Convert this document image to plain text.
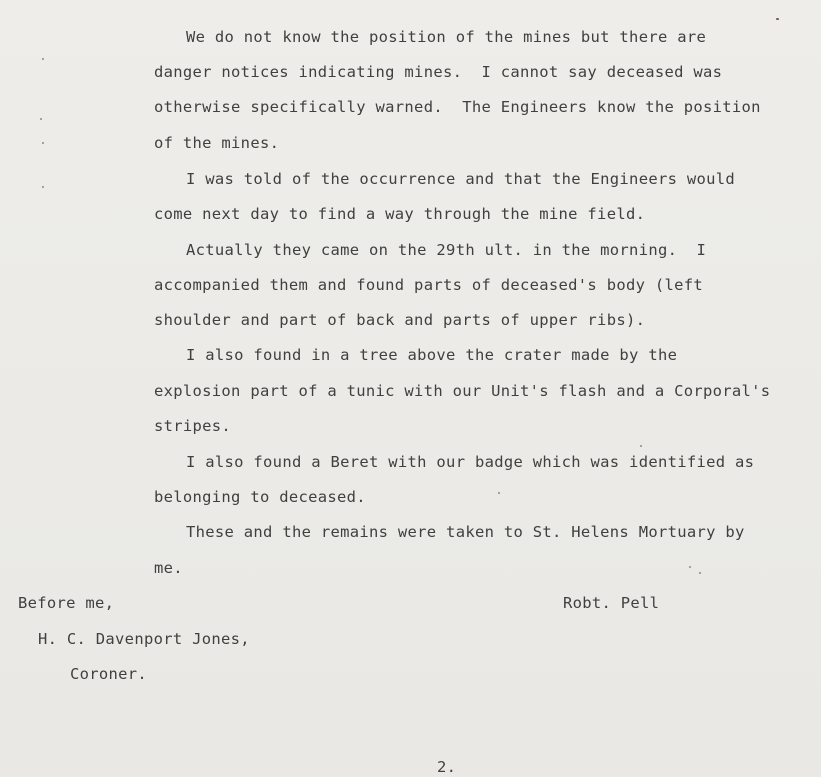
We do not know the position of the mines but there are
danger notices indicating mines.  I cannot say deceased was
otherwise specifically warned.  The Engineers know the position
of the mines.
I was told of the occurrence and that the Engineers would
come next day to find a way through the mine field.
Actually they came on the 29th ult. in the morning.  I
accompanied them and found parts of deceased's body (left
shoulder and part of back and parts of upper ribs).
I also found in a tree above the crater made by the
explosion part of a tunic with our Unit's flash and a Corporal's
stripes.
I also found a Beret with our badge which was identified as
belonging to deceased.
These and the remains were taken to St. Helens Mortuary by
me.
Before me,	Robt. Pell
H. C. Davenport Jones,
Coroner.
2.
